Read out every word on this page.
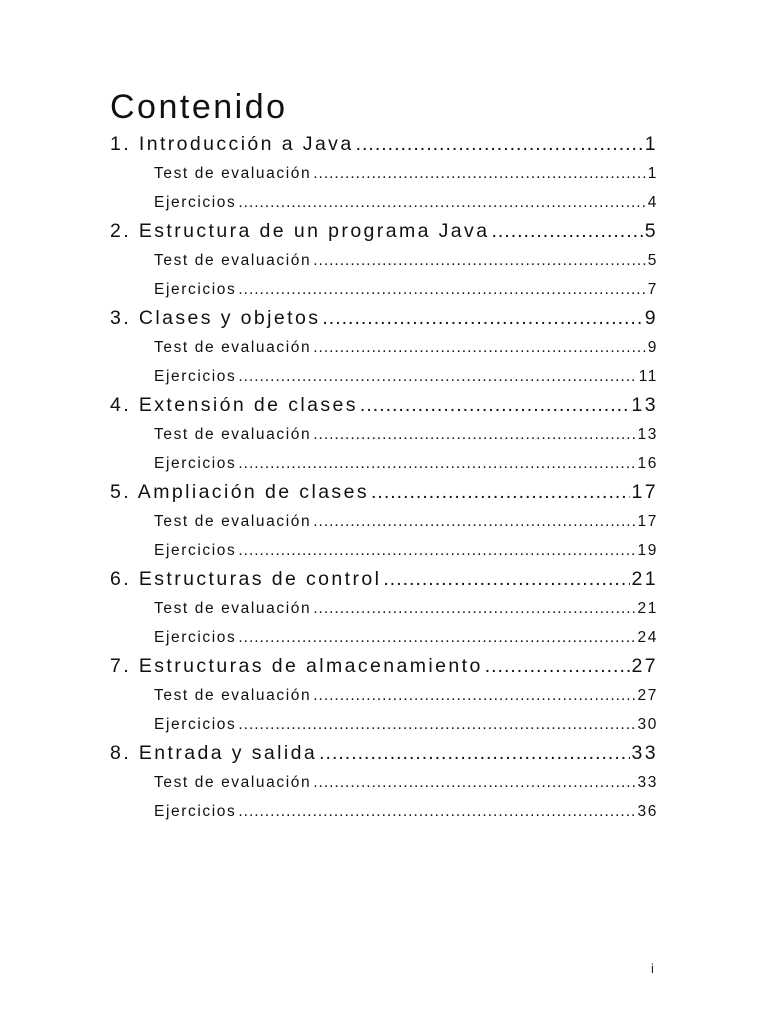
Contenido
1. Introducción a Java .....	1
Test de evaluación .....	1
Ejercicios .....	4
2. Estructura de un programa Java .....	5
Test de evaluación .....	5
Ejercicios .....	7
3. Clases y objetos .....	9
Test de evaluación .....	9
Ejercicios .....	11
4. Extensión de clases .....	13
Test de evaluación .....	13
Ejercicios .....	16
5. Ampliación de clases .....	17
Test de evaluación .....	17
Ejercicios .....	19
6. Estructuras de control .....	21
Test de evaluación .....	21
Ejercicios .....	24
7. Estructuras de almacenamiento .....	27
Test de evaluación .....	27
Ejercicios .....	30
8. Entrada y salida .....	33
Test de evaluación .....	33
Ejercicios .....	36
i
